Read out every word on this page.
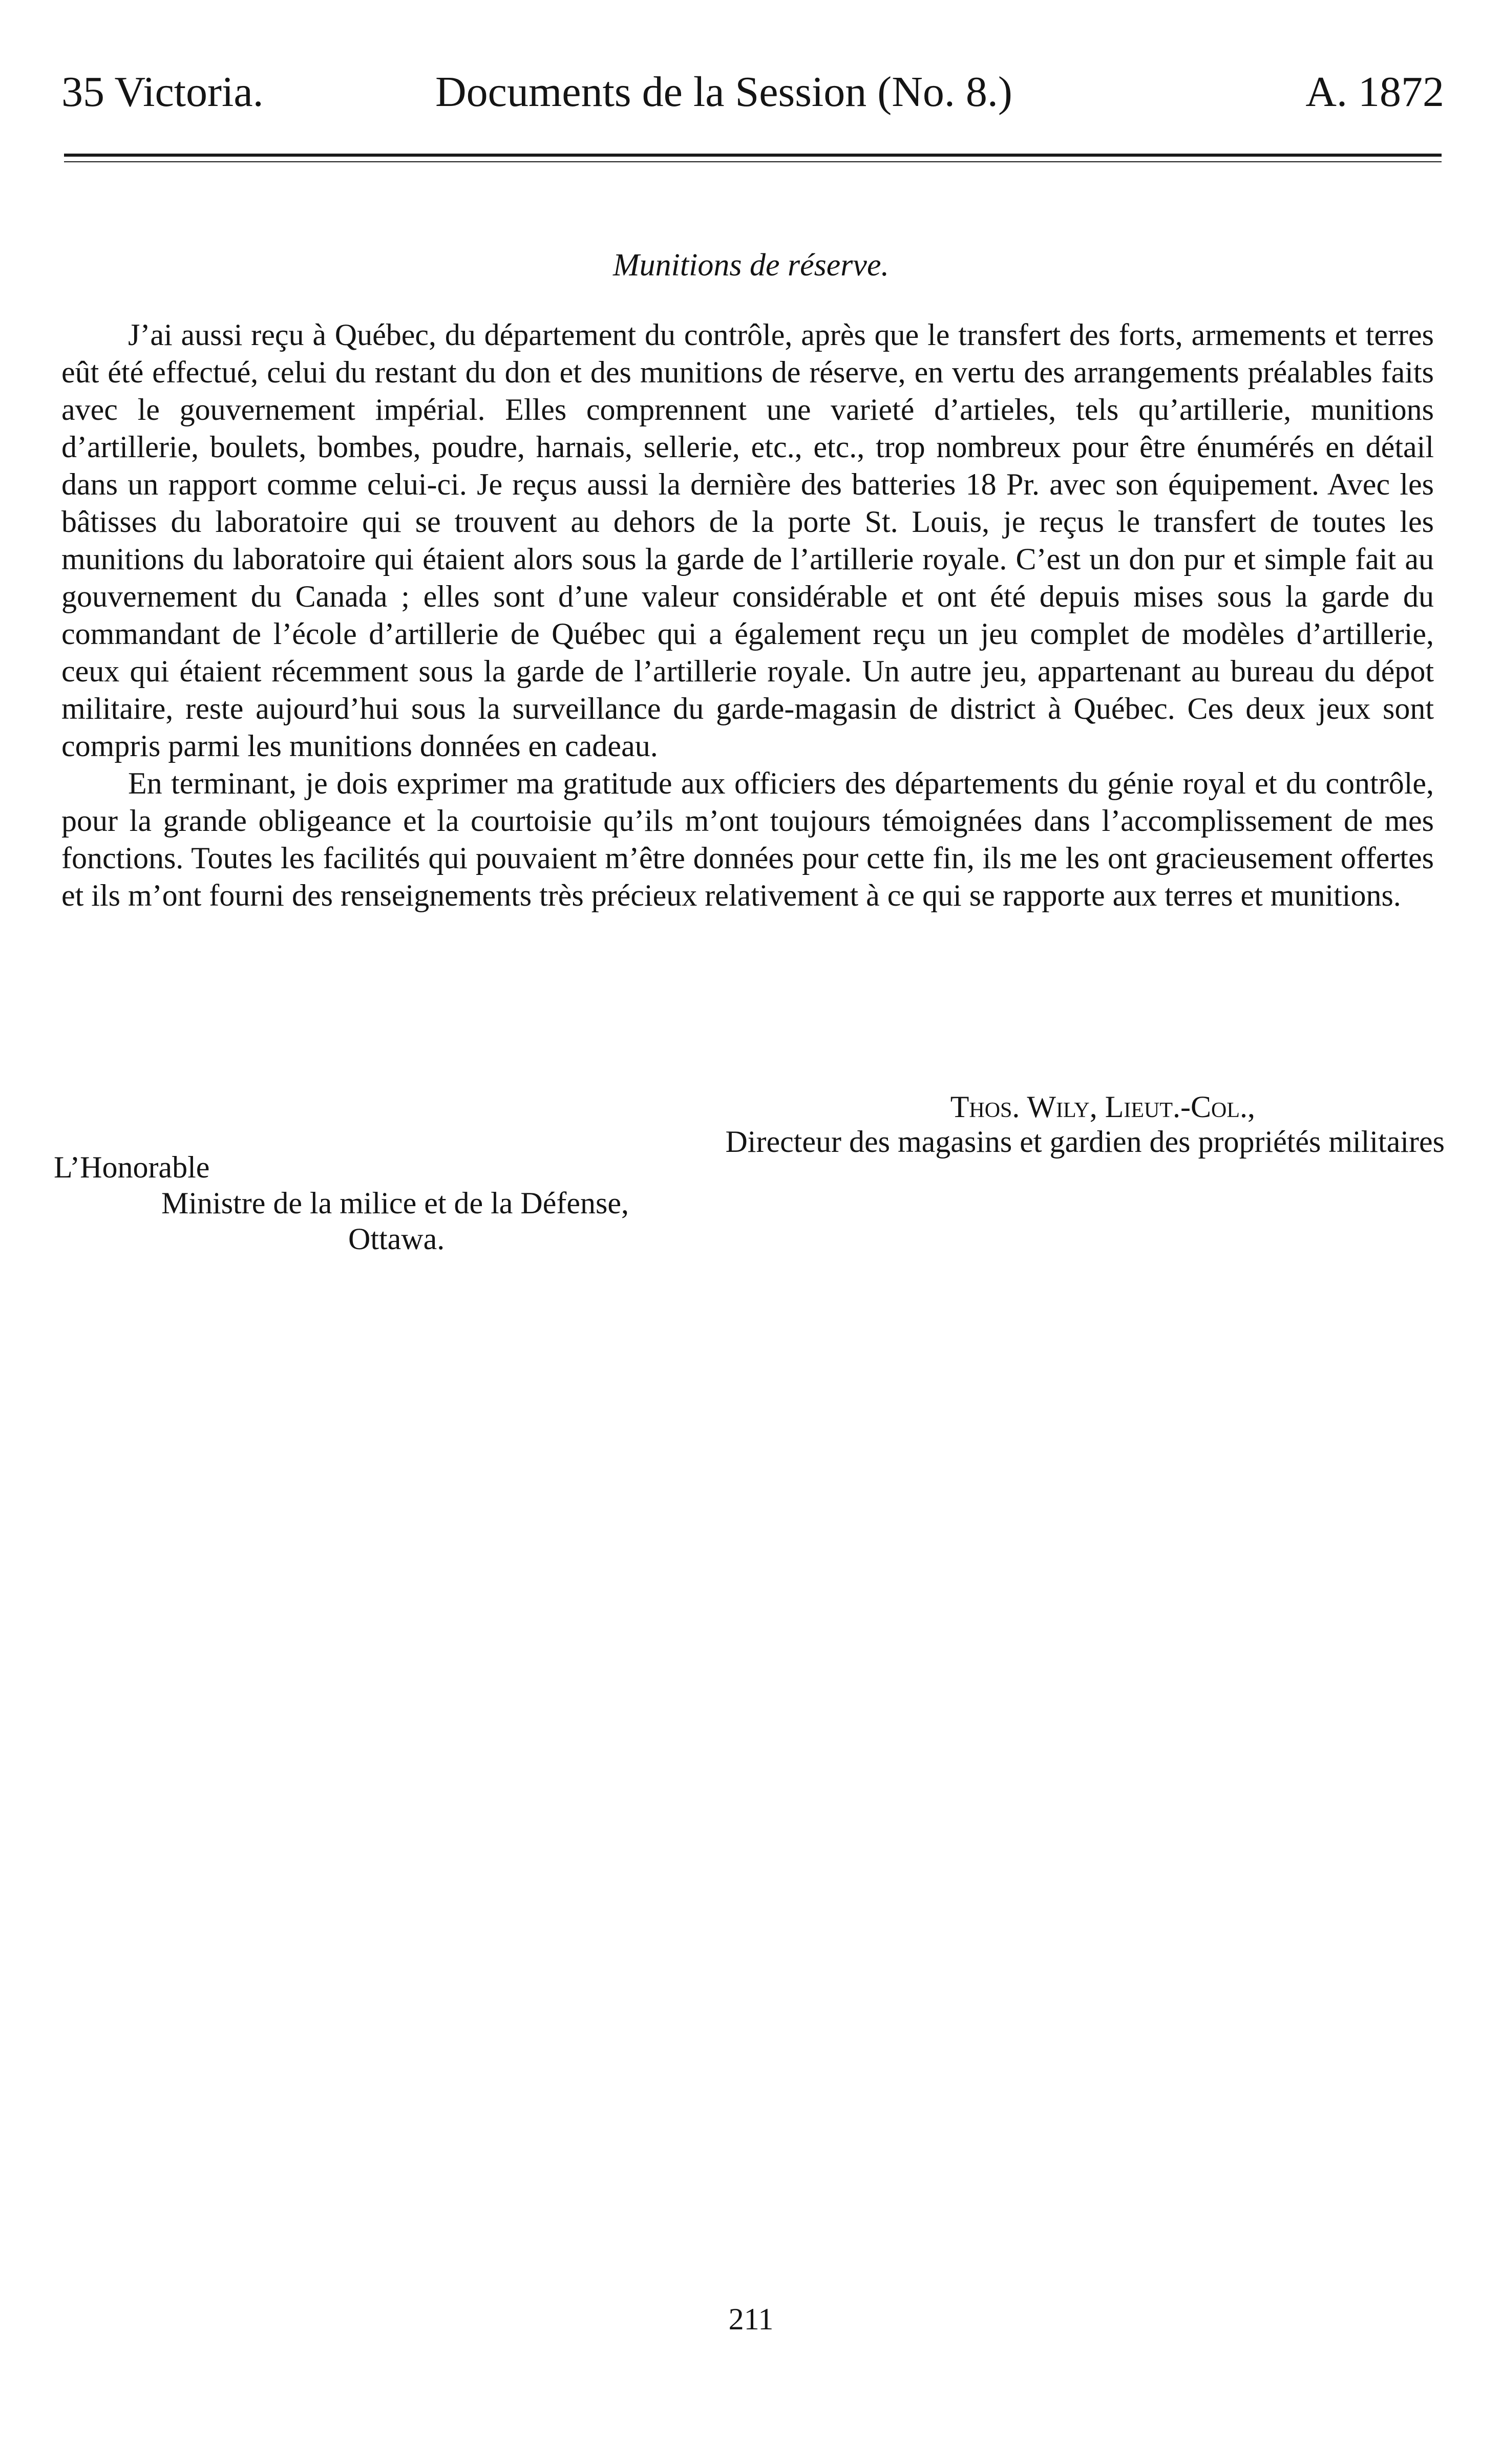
35 Victoria.	Documents de la Session (No. 8.)	A. 1872
Munitions de réserve.

J’ai aussi reçu à Québec, du département du contrôle, après que le transfert des forts, armements et terres eût été effectué, celui du restant du don et des munitions de réserve, en vertu des arrangements préalables faits avec le gouvernement impérial. Elles comprennent une varieté d’artieles, tels qu’artillerie, munitions d’artillerie, boulets, bombes, poudre, harnais, sellerie, etc., etc., trop nombreux pour être énumérés en détail dans un rapport comme celui-ci. Je reçus aussi la dernière des batteries 18 Pr. avec son équipement. Avec les bâtisses du laboratoire qui se trouvent au dehors de la porte St. Louis, je reçus le transfert de toutes les munitions du laboratoire qui étaient alors sous la garde de l’artillerie royale. C’est un don pur et simple fait au gouvernement du Canada ; elles sont d’une valeur considérable et ont été depuis mises sous la garde du commandant de l’école d’artillerie de Québec qui a également reçu un jeu complet de modèles d’artillerie, ceux qui étaient récemment sous la garde de l’artillerie royale. Un autre jeu, appartenant au bureau du dépot militaire, reste aujourd’hui sous la surveillance du garde-magasin de district à Québec. Ces deux jeux sont compris parmi les munitions données en cadeau.

En terminant, je dois exprimer ma gratitude aux officiers des départements du génie royal et du contrôle, pour la grande obligeance et la courtoisie qu’ils m’ont toujours témoignées dans l’accomplissement de mes fonctions. Toutes les facilités qui pouvaient m’être données pour cette fin, ils me les ont gracieusement offertes et ils m’ont fourni des renseignements très précieux relativement à ce qui se rapporte aux terres et munitions.

Thos. Wily, Lieut.-Col.,
Directeur des magasins et gardien des propriétés militaires
L’Honorable
Ministre de la milice et de la Défense,
Ottawa.
211
